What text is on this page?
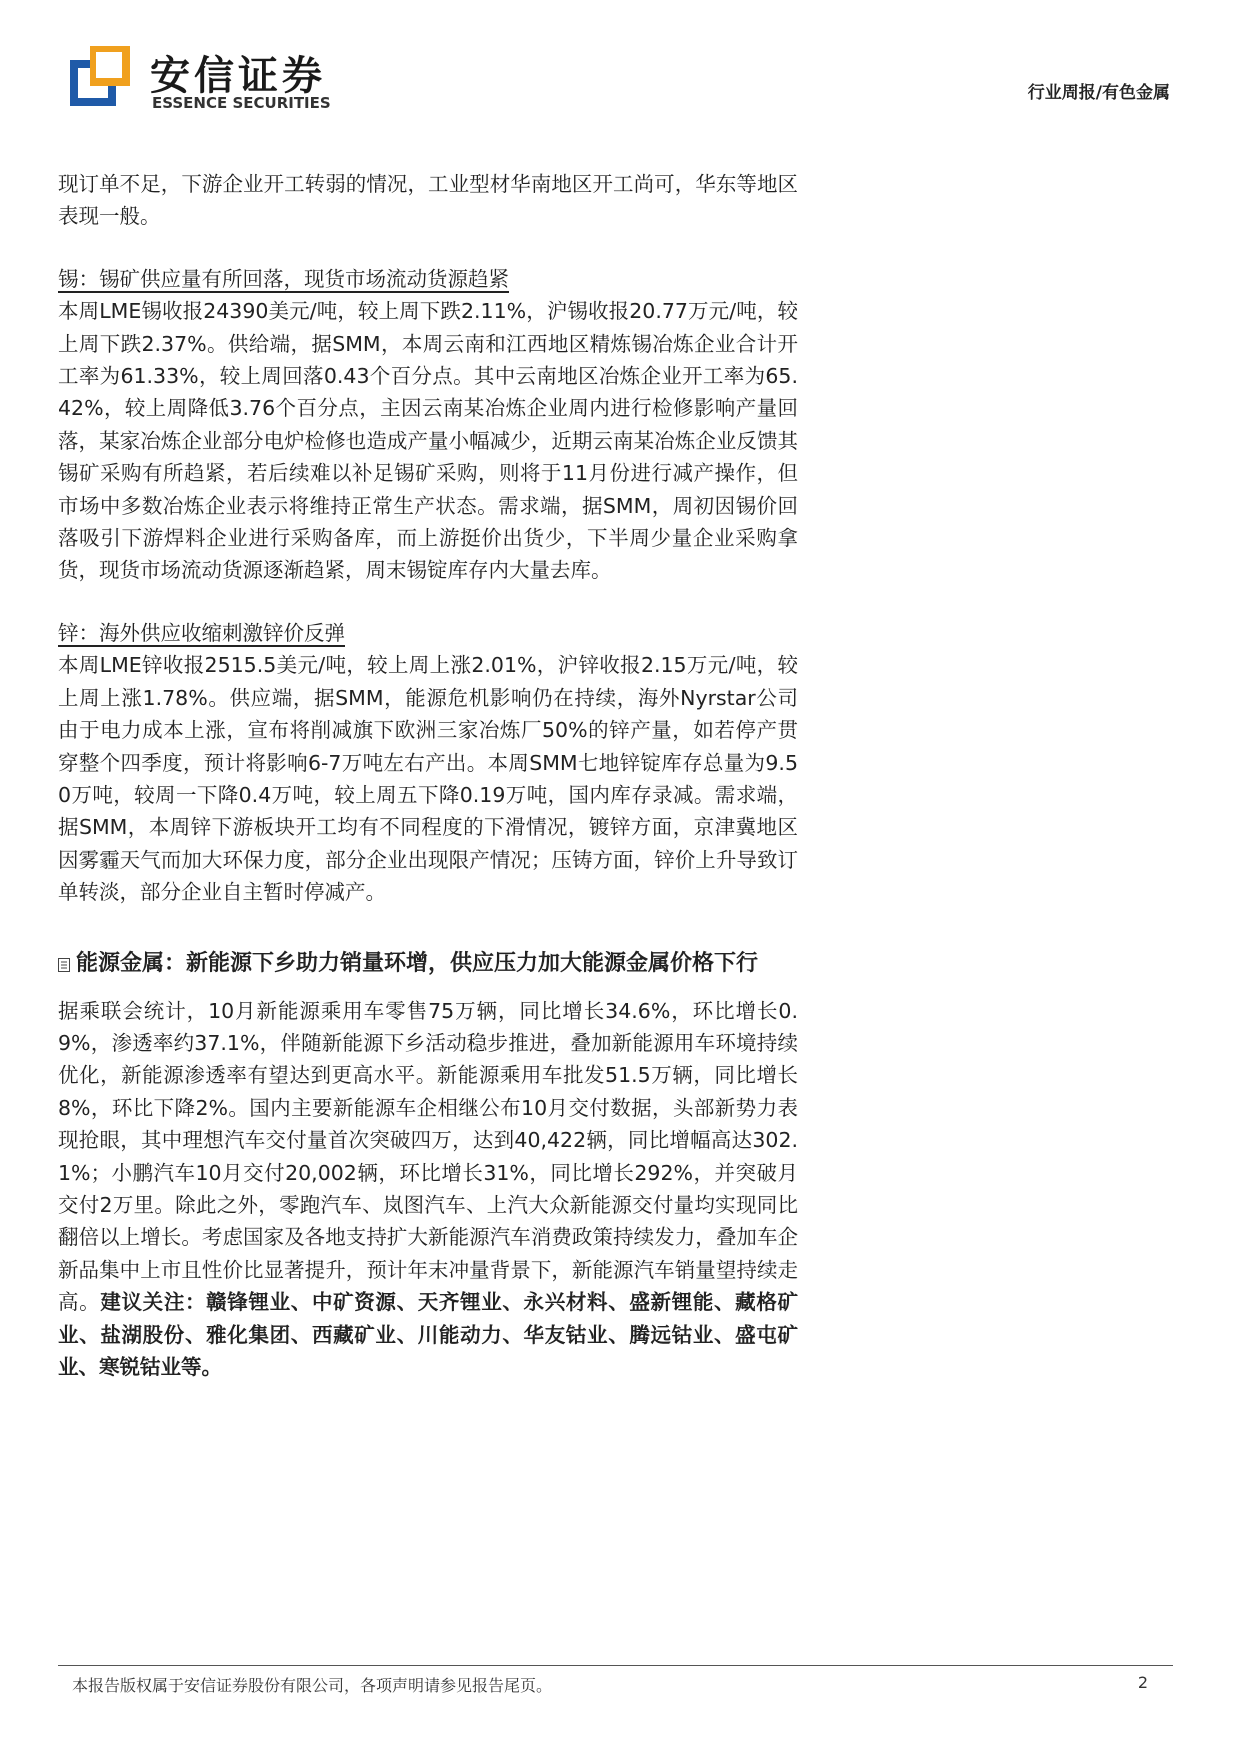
安信证券
ESSENCE SECURITIES	行业周报/有色金属

现订单不足，下游企业开工转弱的情况，工业型材华南地区开工尚可，华东等地区表现一般。

锡：锡矿供应量有所回落，现货市场流动货源趋紧

本周LME锡收报24390美元/吨，较上周下跌2.11%，沪锡收报20.77万元/吨，较上周下跌2.37%。供给端，据SMM，本周云南和江西地区精炼锡冶炼企业合计开工率为61.33%，较上周回落0.43个百分点。其中云南地区冶炼企业开工率为65.42%，较上周降低3.76个百分点，主因云南某冶炼企业周内进行检修影响产量回落，某家冶炼企业部分电炉检修也造成产量小幅减少，近期云南某冶炼企业反馈其锡矿采购有所趋紧，若后续难以补足锡矿采购，则将于11月份进行减产操作，但市场中多数冶炼企业表示将维持正常生产状态。需求端，据SMM，周初因锡价回落吸引下游焊料企业进行采购备库，而上游挺价出货少，下半周少量企业采购拿货，现货市场流动货源逐渐趋紧，周末锡锭库存内大量去库。

锌：海外供应收缩刺激锌价反弹

本周LME锌收报2515.5美元/吨，较上周上涨2.01%，沪锌收报2.15万元/吨，较上周上涨1.78%。供应端，据SMM，能源危机影响仍在持续，海外Nyrstar公司由于电力成本上涨，宣布将削减旗下欧洲三家冶炼厂50%的锌产量，如若停产贯穿整个四季度，预计将影响6-7万吨左右产出。本周SMM七地锌锭库存总量为9.50万吨，较周一下降0.4万吨，较上周五下降0.19万吨，国内库存录减。需求端，据SMM，本周锌下游板块开工均有不同程度的下滑情况，镀锌方面，京津冀地区因雾霾天气而加大环保力度，部分企业出现限产情况；压铸方面，锌价上升导致订单转淡，部分企业自主暂时停减产。

能源金属：新能源下乡助力销量环增，供应压力加大能源金属价格下行

据乘联会统计，10月新能源乘用车零售75万辆，同比增长34.6%，环比增长0.9%，渗透率约37.1%，伴随新能源下乡活动稳步推进，叠加新能源用车环境持续优化，新能源渗透率有望达到更高水平。新能源乘用车批发51.5万辆，同比增长8%，环比下降2%。国内主要新能源车企相继公布10月交付数据，头部新势力表现抢眼，其中理想汽车交付量首次突破四万，达到40,422辆，同比增幅高达302.1%；小鹏汽车10月交付20,002辆，环比增长31%，同比增长292%，并突破月交付2万里。除此之外，零跑汽车、岚图汽车、上汽大众新能源交付量均实现同比翻倍以上增长。考虑国家及各地支持扩大新能源汽车消费政策持续发力，叠加车企新品集中上市且性价比显著提升，预计年末冲量背景下，新能源汽车销量望持续走高。建议关注：赣锋锂业、中矿资源、天齐锂业、永兴材料、盛新锂能、藏格矿业、盐湖股份、雅化集团、西藏矿业、川能动力、华友钴业、腾远钴业、盛屯矿业、寒锐钴业等。

本报告版权属于安信证券股份有限公司，各项声明请参见报告尾页。	2
